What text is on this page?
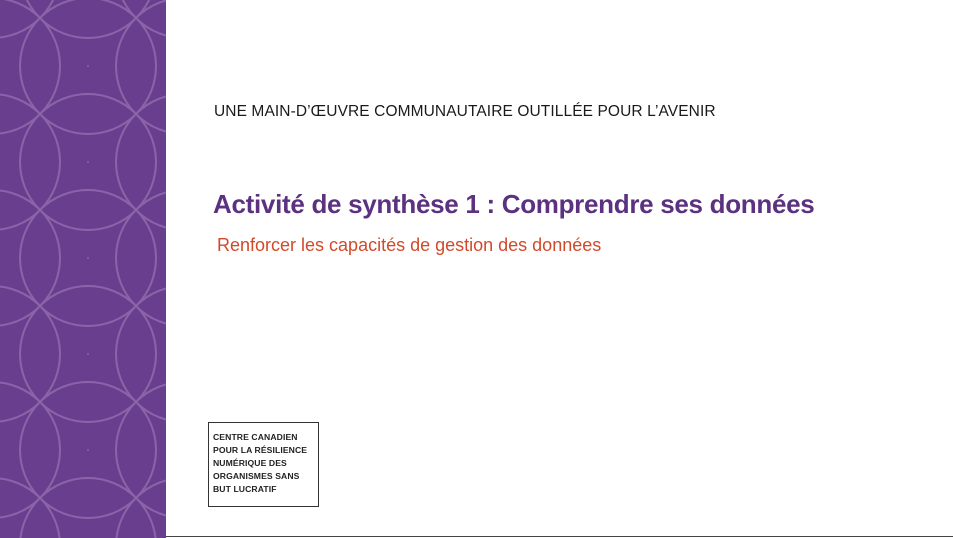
UNE MAIN-D’ŒUVRE COMMUNAUTAIRE OUTILLÉE POUR L’AVENIR
Activité de synthèse 1 : Comprendre ses données
Renforcer les capacités de gestion des données
CENTRE CANADIEN
POUR LA RÉSILIENCE
NUMÉRIQUE DES
ORGANISMES SANS
BUT LUCRATIF
